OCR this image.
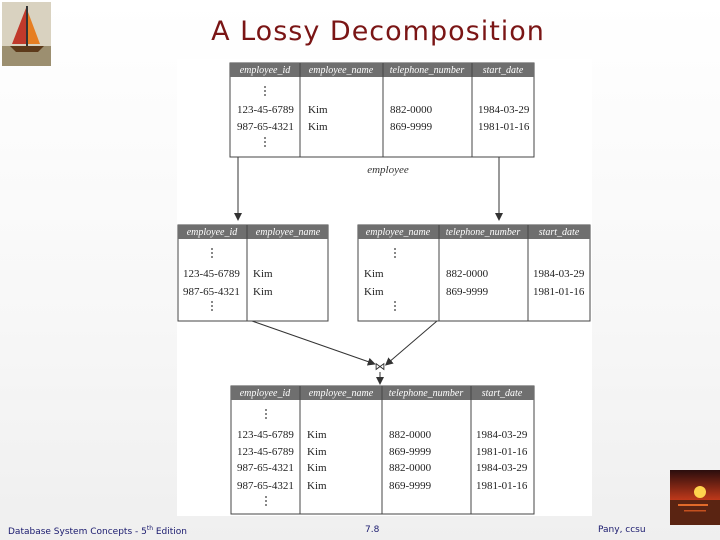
A Lossy Decomposition
employee
⋈
employee_id employee_name telephone_number start_date
123-45-6789 Kim	882-0000	1984-03-29
987-65-4321 Kim	869-9999	1981-01-16
employee_id employee_name
123-45-6789 Kim
987-65-4321 Kim
employee_name telephone_number start_date
Kim	882-0000	1984-03-29
Kim	869-9999	1981-01-16
employee_id employee_name telephone_number start_date
123-45-6789 Kim	882-0000	1984-03-29
123-45-6789 Kim	869-9999	1981-01-16
987-65-4321 Kim	882-0000	1984-03-29
987-65-4321 Kim	869-9999	1981-01-16
Database System Concepts - 5th Edition	7.8	Pany, ccsu
